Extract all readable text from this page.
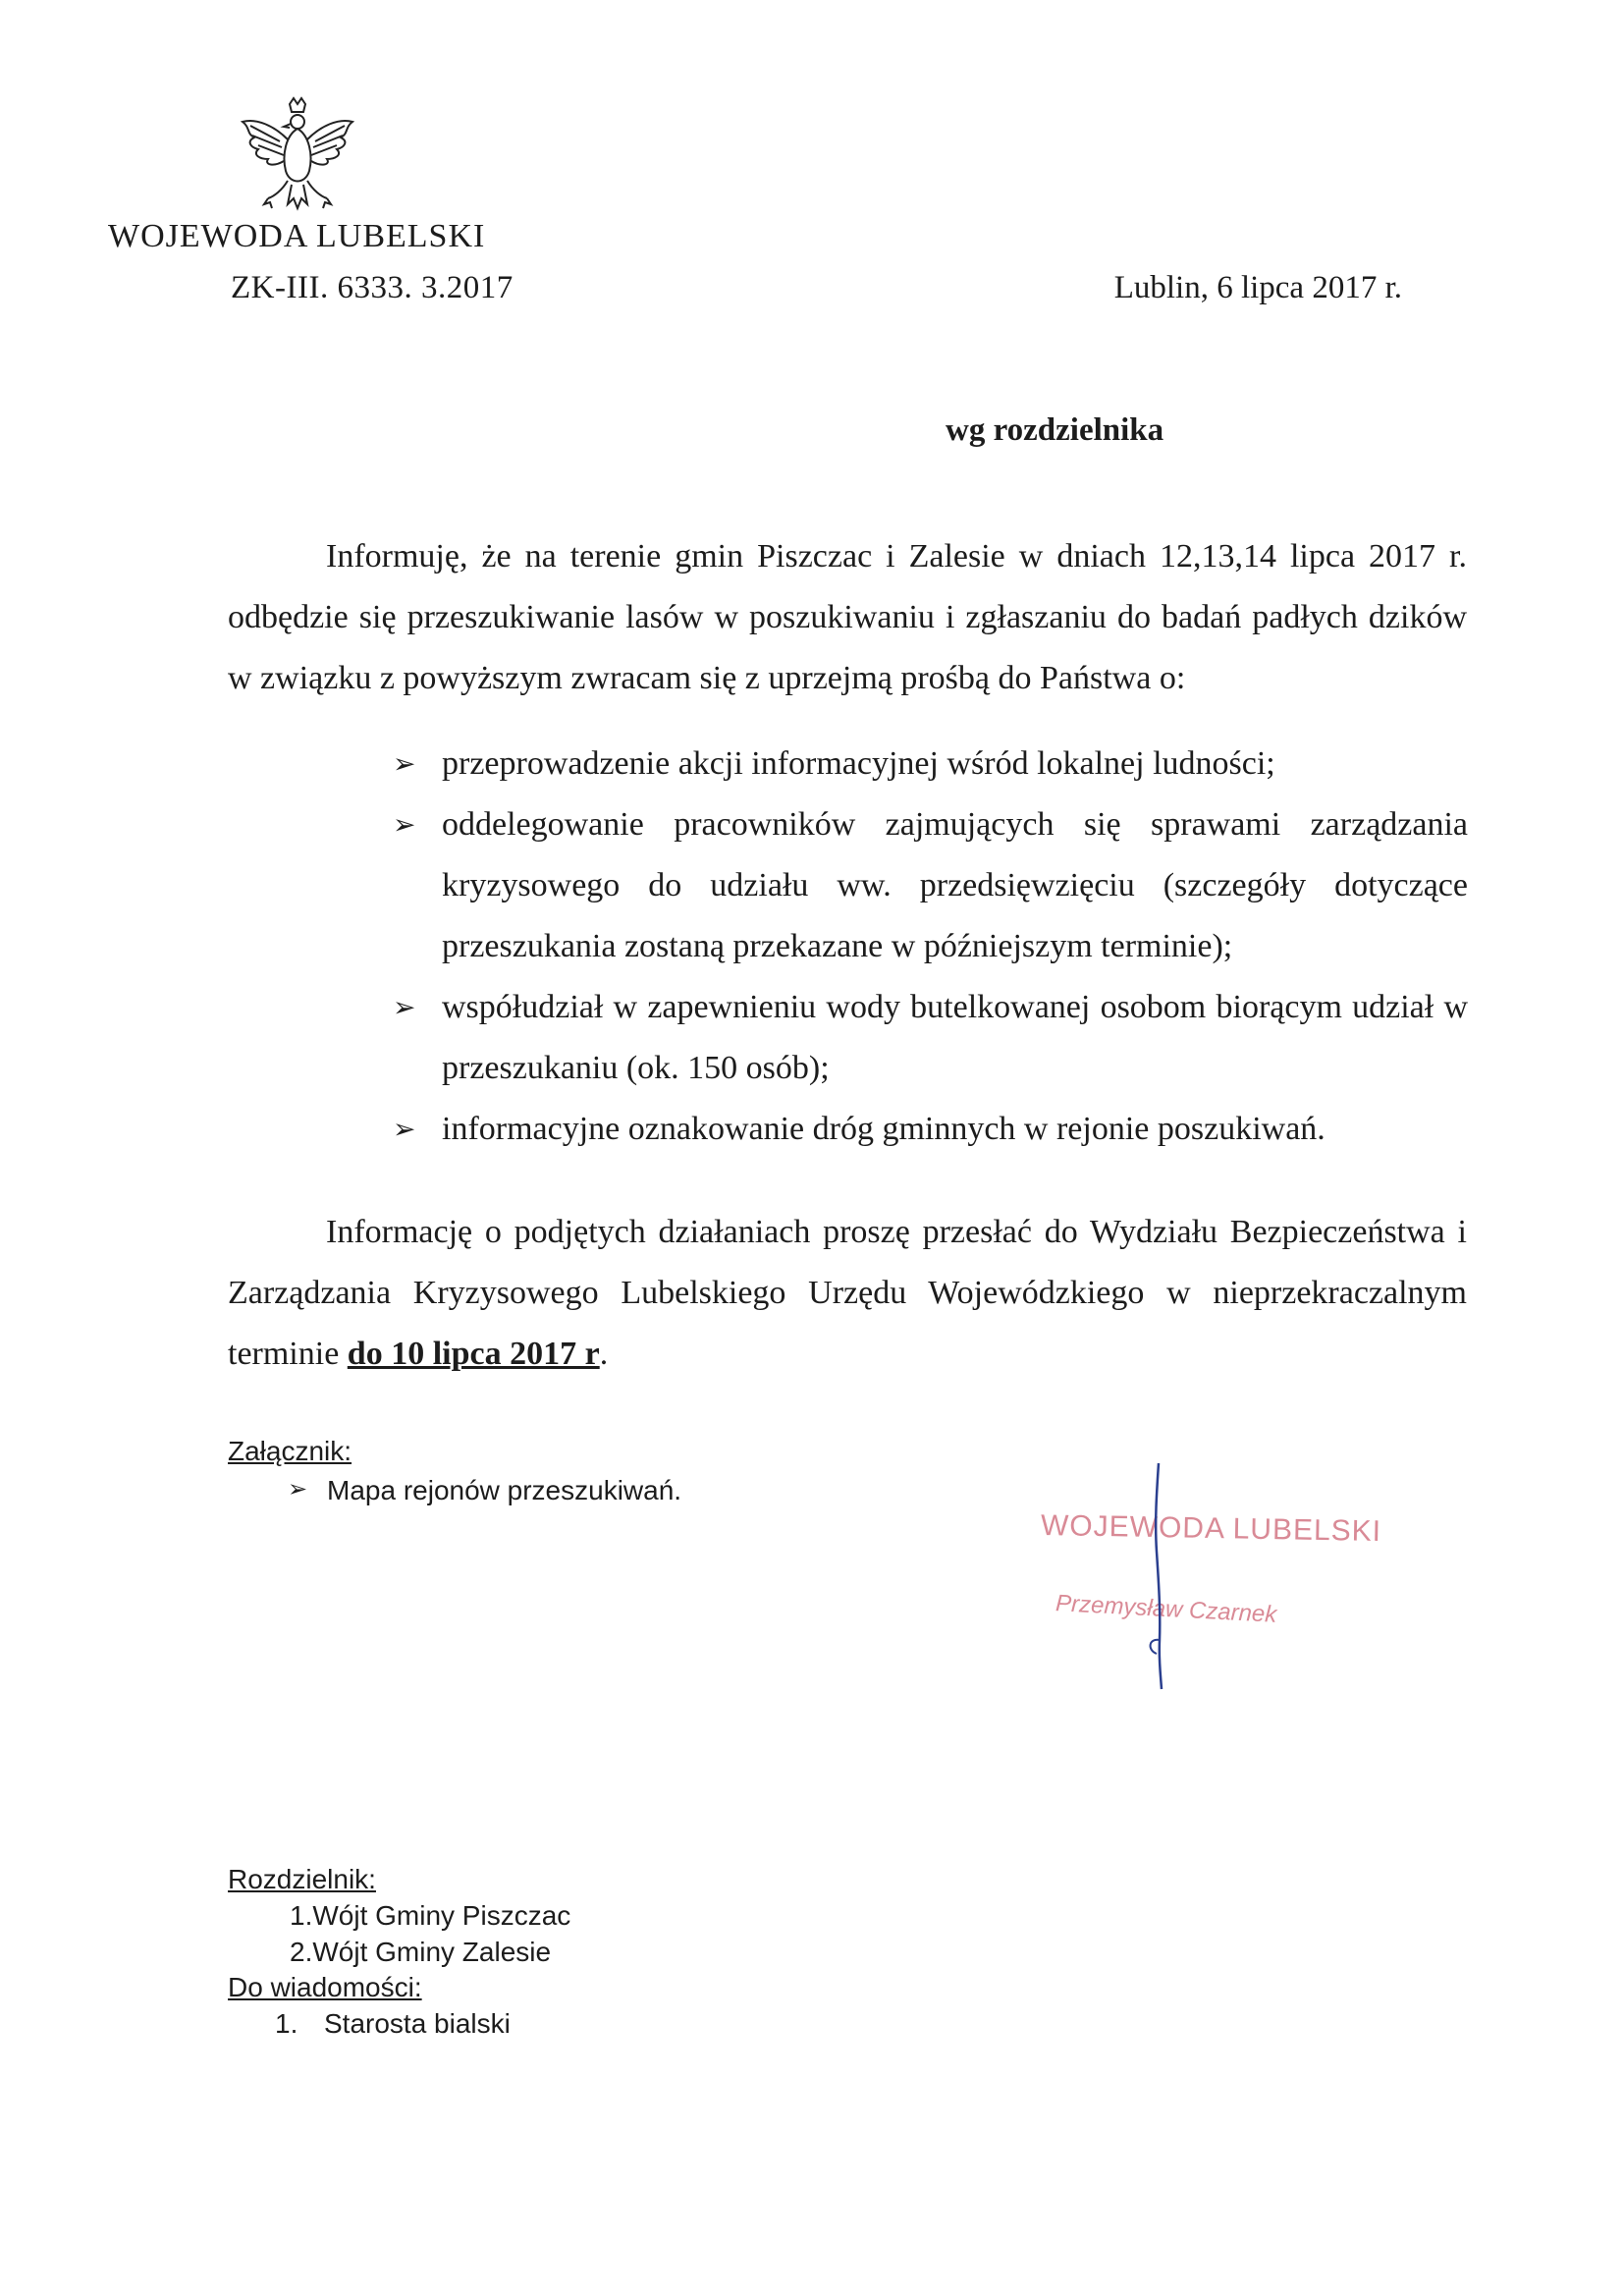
WOJEWODA LUBELSKI
ZK-III. 6333. 3.2017	Lublin, 6 lipca 2017 r.
wg rozdzielnika

Informuję, że na terenie gmin Piszczac i Zalesie w dniach 12,13,14 lipca 2017 r. odbędzie się przeszukiwanie lasów w poszukiwaniu i zgłaszaniu do badań padłych dzików w związku z powyższym zwracam się z uprzejmą prośbą do Państwa o:

➢ przeprowadzenie akcji informacyjnej wśród lokalnej ludności;
➢ oddelegowanie pracowników zajmujących się sprawami zarządzania kryzysowego do udziału ww. przedsięwzięciu (szczegóły dotyczące przeszukania zostaną przekazane w późniejszym terminie);
➢ współudział w zapewnieniu wody butelkowanej osobom biorącym udział w przeszukaniu (ok. 150 osób);
➢ informacyjne oznakowanie dróg gminnych w rejonie poszukiwań.

Informację o podjętych działaniach proszę przesłać do Wydziału Bezpieczeństwa i Zarządzania Kryzysowego Lubelskiego Urzędu Wojewódzkiego w nieprzekraczalnym terminie do 10 lipca 2017 r.

Załącznik:
➢ Mapa rejonów przeszukiwań.
WOJEWODA LUBELSKI
Przemysław Czarnek
Rozdzielnik:
1.Wójt Gminy Piszczac
2.Wójt Gminy Zalesie
Do wiadomości:
1. Starosta bialski
